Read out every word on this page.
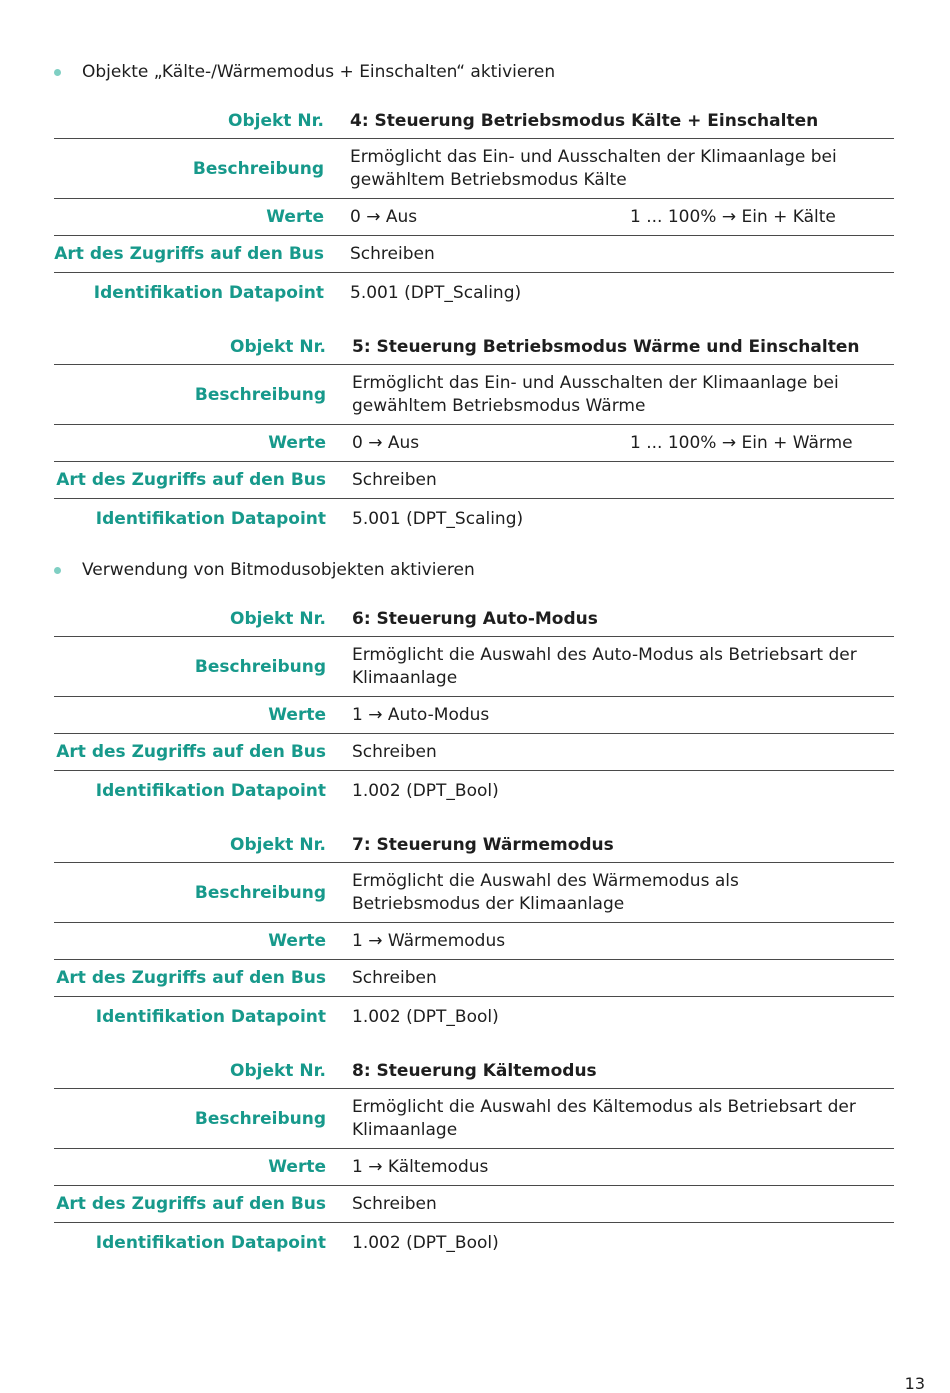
Objekte „Kälte-/Wärmemodus + Einschalten“ aktivieren
Objekt Nr. 4: Steuerung Betriebsmodus Kälte + Einschalten
Beschreibung
Ermöglicht das Ein- und Ausschalten der Klimaanlage bei
gewähltem Betriebsmodus Kälte
Werte 0 → Aus	1 ... 100% → Ein + Kälte
Art des Zugriffs auf den Bus Schreiben
Identifikation Datapoint 5.001 (DPT_Scaling)
Objekt Nr. 5: Steuerung Betriebsmodus Wärme und Einschalten
Beschreibung
Ermöglicht das Ein- und Ausschalten der Klimaanlage bei
gewähltem Betriebsmodus Wärme
Werte 0 → Aus	1 ... 100% → Ein + Wärme
Art des Zugriffs auf den Bus Schreiben
Identifikation Datapoint 5.001 (DPT_Scaling)
Verwendung von Bitmodusobjekten aktivieren
Objekt Nr. 6: Steuerung Auto-Modus
Beschreibung
Ermöglicht die Auswahl des Auto-Modus als Betriebsart der
Klimaanlage
Werte 1 → Auto-Modus
Art des Zugriffs auf den Bus Schreiben
Identifikation Datapoint 1.002 (DPT_Bool)
Objekt Nr. 7: Steuerung Wärmemodus
Beschreibung
Ermöglicht die Auswahl des Wärmemodus als
Betriebsmodus der Klimaanlage
Werte 1 → Wärmemodus
Art des Zugriffs auf den Bus Schreiben
Identifikation Datapoint 1.002 (DPT_Bool)
Objekt Nr. 8: Steuerung Kältemodus
Beschreibung
Ermöglicht die Auswahl des Kältemodus als Betriebsart der
Klimaanlage
Werte 1 → Kältemodus
Art des Zugriffs auf den Bus Schreiben
Identifikation Datapoint 1.002 (DPT_Bool)
13
